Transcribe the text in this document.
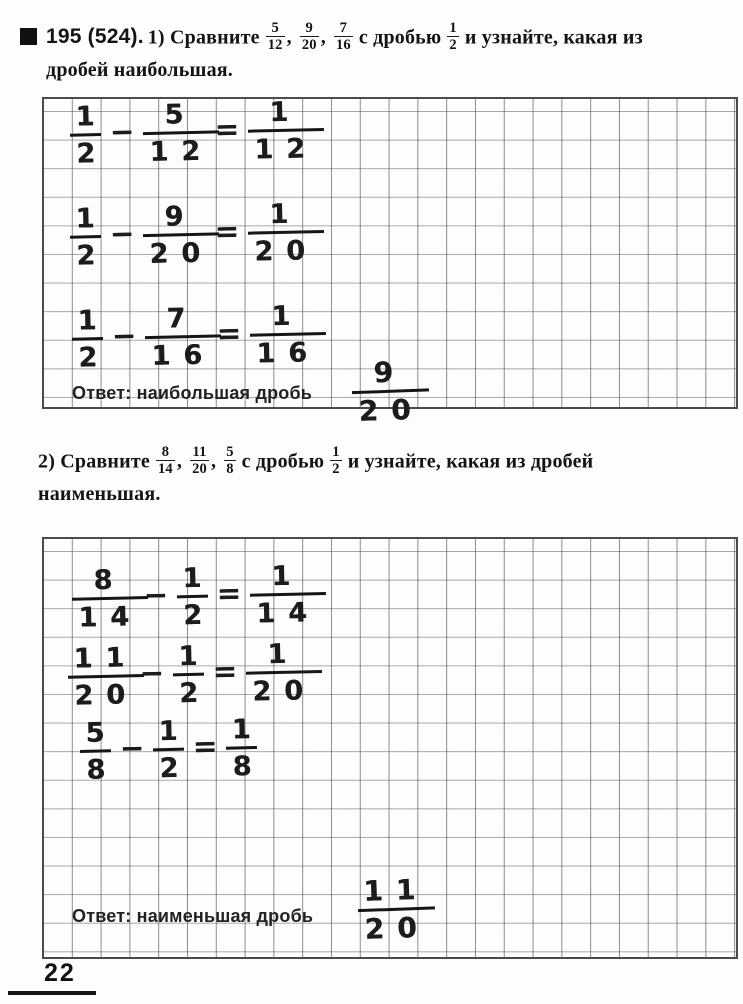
195 (524). 1) Сравните $\frac{5}{12}$ , $\frac{9}{20}$ , $\frac{7}{16}$ с дробью $\frac{1}{2}$ и узнайте, какая из
дробей наибольшая.
1
2
− $\frac{5}{12} = \frac{1}{12}$
1
2
− $\frac{9}{20} = \frac{1}{20}$
1
2
− $\frac{7}{16} = \frac{1}{16}$
Ответ: наибольшая дробь $\frac{9}{20}$
2) Сравните $\frac{8}{14}$ , $\frac{11}{20}$ , $\frac{5}{8}$ с дробью $\frac{1}{2}$ и узнайте, какая из дробей
наименьшая.
8
14
− $\frac{1}{2} = \frac{1}{14}$
11
20
− $\frac{1}{2} = \frac{1}{20}$
5
8
− $\frac{1}{2} = \frac{1}{8}$
Ответ: наименьшая дробь $\frac{11}{20}$
22
